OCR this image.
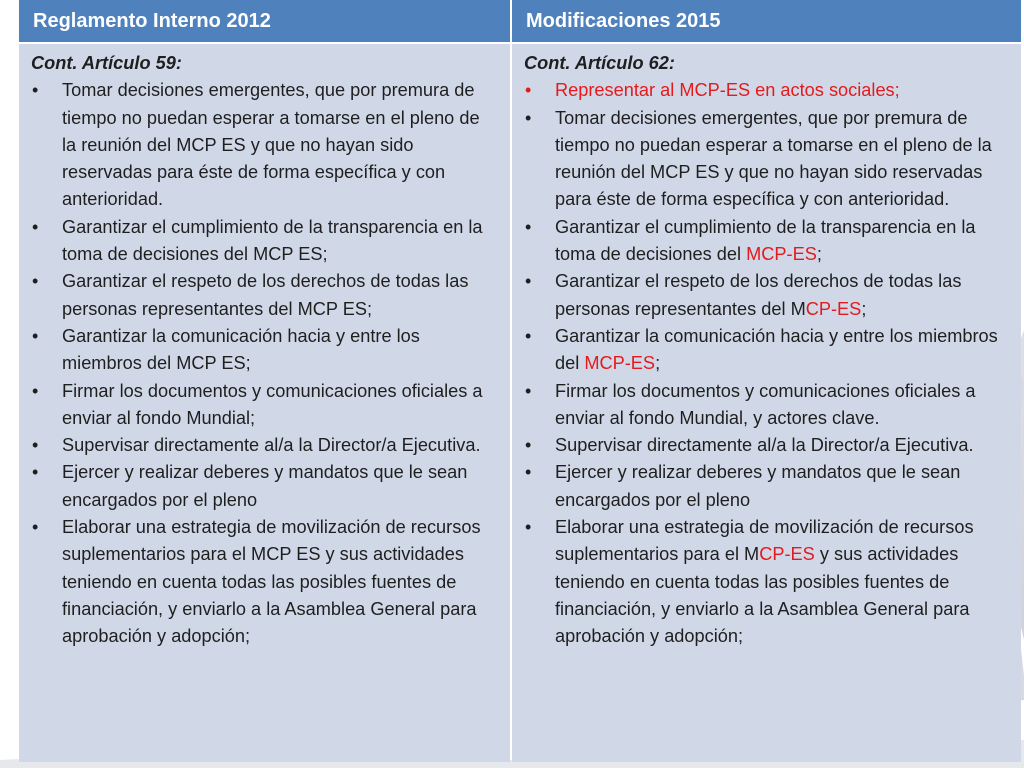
Reglamento Interno 2012	Modificaciones 2015

Cont. Artículo 59:

• Tomar decisiones emergentes, que por premura de tiempo no puedan esperar a tomarse en el pleno de la reunión del MCP ES y que no hayan sido reservadas para éste de forma específica y con anterioridad.
• Garantizar el cumplimiento de la transparencia en la toma de decisiones del MCP ES;
• Garantizar el respeto de los derechos de todas las personas representantes del MCP ES;
• Garantizar la comunicación hacia y entre los miembros del MCP ES;
• Firmar los documentos y comunicaciones oficiales a enviar al fondo Mundial;
• Supervisar directamente al/a la Director/a Ejecutiva.
• Ejercer y realizar deberes y mandatos que le sean encargados por el pleno
• Elaborar una estrategia de movilización de recursos suplementarios para el MCP ES y sus actividades teniendo en cuenta todas las posibles fuentes de financiación, y enviarlo a la Asamblea General para aprobación y adopción;

Cont. Artículo 62:

• Representar al MCP-ES en actos sociales;
• Tomar decisiones emergentes, que por premura de tiempo no puedan esperar a tomarse en el pleno de la reunión del MCP ES y que no hayan sido reservadas para éste de forma específica y con anterioridad.
• Garantizar el cumplimiento de la transparencia en la toma de decisiones del MCP-ES;
• Garantizar el respeto de los derechos de todas las personas representantes del MCP-ES;
• Garantizar la comunicación hacia y entre los miembros del MCP-ES;
• Firmar los documentos y comunicaciones oficiales a enviar al fondo Mundial, y actores clave.
• Supervisar directamente al/a la Director/a Ejecutiva.
• Ejercer y realizar deberes y mandatos que le sean encargados por el pleno
• Elaborar una estrategia de movilización de recursos suplementarios para el MCP-ES y sus actividades teniendo en cuenta todas las posibles fuentes de financiación, y enviarlo a la Asamblea General para aprobación y adopción;
